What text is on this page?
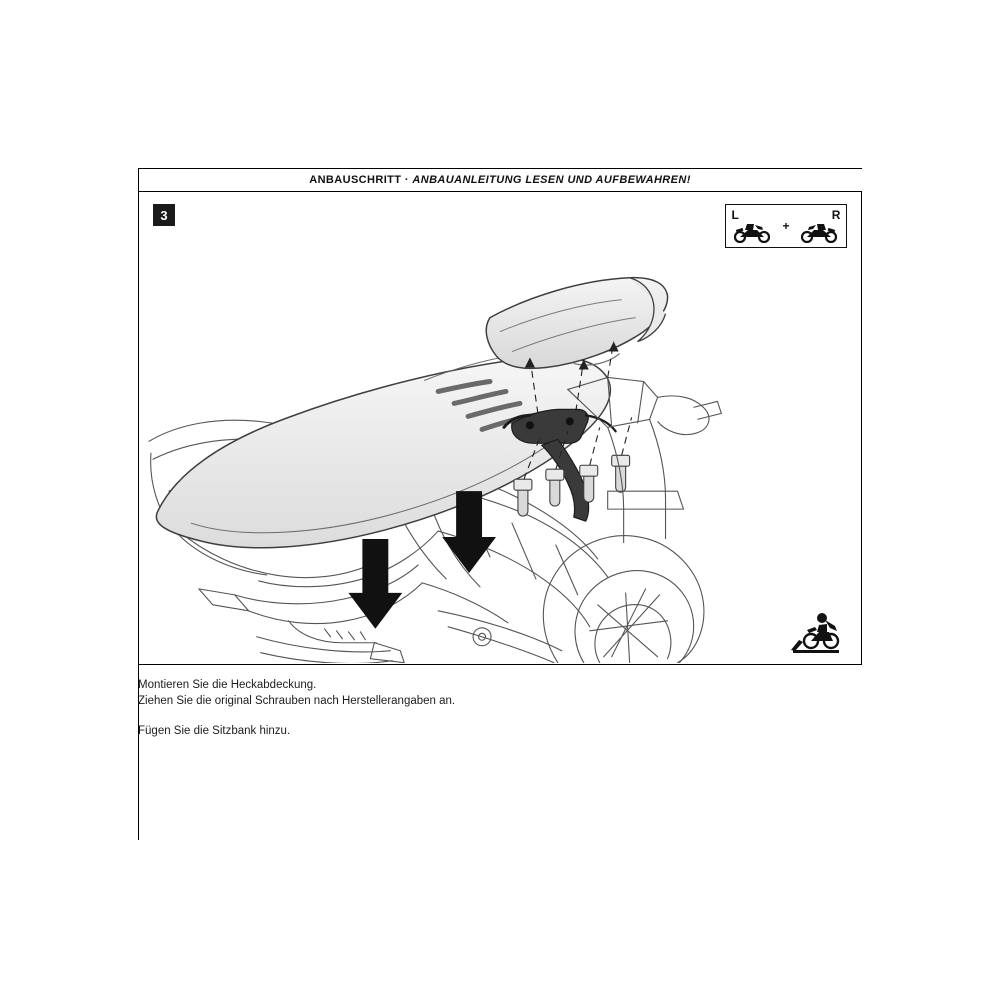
ANBAUSCHRITT · ANBAUANLEITUNG LESEN UND AUFBEWAHREN!
3	L
+
R

Montieren Sie die Heckabdeckung.

Ziehen Sie die original Schrauben nach Herstellerangaben an.

Fügen Sie die Sitzbank hinzu.
